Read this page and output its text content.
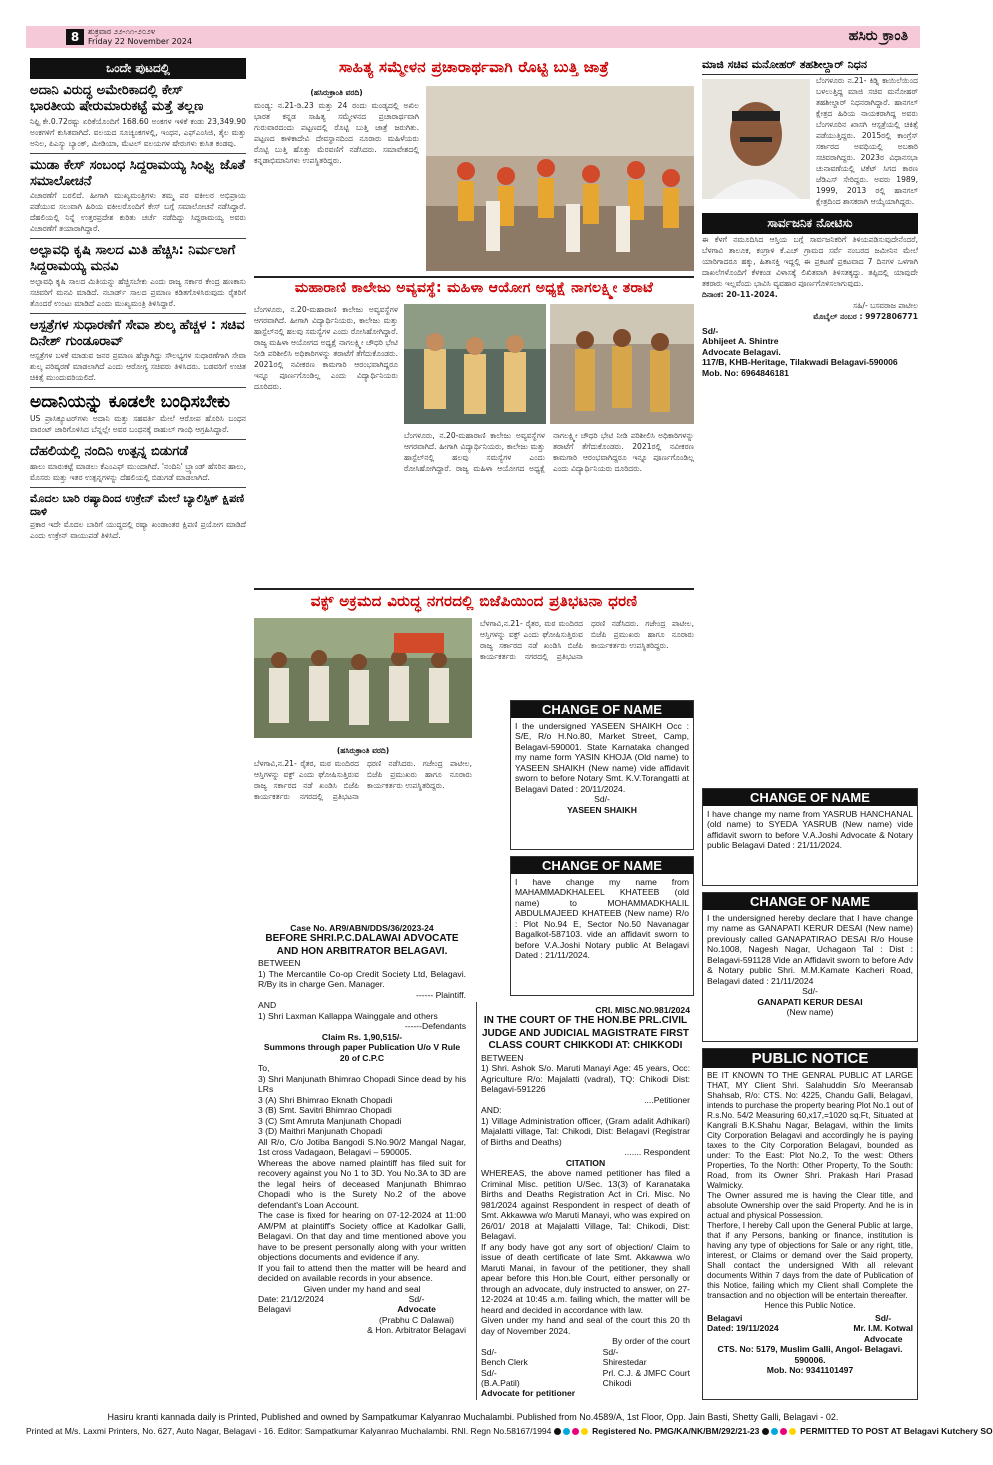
8	ಶುಕ್ರವಾರ ೨೨-೧೧-೨೦೨೪
Friday 22 November 2024	ಹಸಿರು ಕ್ರಾಂತಿ
ಒಂದೇ ಪುಟದಲ್ಲಿ
ಅದಾನಿ ವಿರುದ್ಧ ಅಮೇರಿಕಾದಲ್ಲಿ ಕೇಸ್
ಭಾರತೀಯ ಷೇರುಮಾರುಕಟ್ಟೆ ಮತ್ತೆ ತಲ್ಲಣ
ನಿಫ್ಟಿ ಕೇ.0.72ರಷ್ಟು ಏರಿಕೆಯೊಂದಿಗೆ 168.60 ಅಂಕಗಳ ಇಳಿಕೆ ಕಂಡು 23,349.90 ಅಂಕಗಳಿಗೆ ಕುಸಿತವಾಗಿದೆ. ವಲಯದ ಸೂಚ್ಯಂಕಗಳಲ್ಲಿ, ಇಂಧನ, ಎಫ್‌ಎಂಸಿಜಿ, ತೈಲ ಮತ್ತು ಅನಿಲ, ಪಿಎಸ್ಯು ಬ್ಯಾಂಕ್, ಮೀಡಿಯಾ, ಮೆಟಲ್ ವಲಯಗಳ ಷೇರುಗಳು ಕುಸಿತ ಕಂಡವು.
ಮುಡಾ ಕೇಸ್ ಸಂಬಂಧ ಸಿದ್ದರಾಮಯ್ಯ ಸಿಂಘ್ವಿ ಜೊತೆ ಸಮಾಲೋಚನೆ
ವಿಚಾರಣೆಗೆ ಬರಲಿದೆ. ಹೀಗಾಗಿ ಮುಖ್ಯಮಂತ್ರಿಗಳು ತಮ್ಮ ಪರ ವಕೀಲರ ಅಭಿಪ್ರಾಯ ಪಡೆಯುವ ಸಲುವಾಗಿ ಹಿರಿಯ ವಕೀಲರೊಂದಿಗೆ ಕೇಸ್ ಬಗ್ಗೆ ಸಮಾಲೋಚನೆ ನಡೆಸಿದ್ದಾರೆ. ದೆಹಲಿಯಲ್ಲಿ ನಿನ್ನೆ ಉತ್ತರಪ್ರದೇಶ ಕುರಿತು ಚರ್ಚೆ ನಡೆದಿದ್ದು ಸಿದ್ದರಾಮಯ್ಯ ಅವರು ವಿಚಾರಣೆಗೆ ತಯಾರಾಗಿದ್ದಾರೆ.
ಅಲ್ಪಾವಧಿ ಕೃಷಿ ಸಾಲದ ಮಿತಿ ಹೆಚ್ಚಿಸಿ: ನಿರ್ಮಲಾಗೆ ಸಿದ್ದರಾಮಯ್ಯ ಮನವಿ
ಅಲ್ಪಾವಧಿ ಕೃಷಿ ಸಾಲದ ಮಿತಿಯನ್ನು ಹೆಚ್ಚಿಸಬೇಕು ಎಂದು ರಾಜ್ಯ ಸರ್ಕಾರ ಕೇಂದ್ರ ಹಣಕಾಸು ಸಚಿವರಿಗೆ ಮನವಿ ಮಾಡಿದೆ. ನಬಾರ್ಡ್ ಸಾಲದ ಪ್ರಮಾಣ ಕಡಿತಗೊಳಿಸಿರುವುದು ರೈತರಿಗೆ ತೊಂದರೆ ಉಂಟು ಮಾಡಿದೆ ಎಂದು ಮುಖ್ಯಮಂತ್ರಿ ತಿಳಿಸಿದ್ದಾರೆ.
ಆಸ್ಪತ್ರೆಗಳ ಸುಧಾರಣೆಗೆ ಸೇವಾ ಶುಲ್ಕ ಹೆಚ್ಚಳ : ಸಚಿವ ದಿನೇಶ್ ಗುಂಡೂರಾವ್
ಆಸ್ಪತ್ರೆಗಳ ಬಳಕೆ ಮಾಡುವ ಜನರ ಪ್ರಮಾಣ ಹೆಚ್ಚಾಗಿದ್ದು ಸೌಲಭ್ಯಗಳ ಸುಧಾರಣೆಗಾಗಿ ಸೇವಾ ಶುಲ್ಕ ಪರಿಷ್ಕರಣೆ ಮಾಡಲಾಗಿದೆ ಎಂದು ಆರೋಗ್ಯ ಸಚಿವರು ತಿಳಿಸಿದರು. ಬಡವರಿಗೆ ಉಚಿತ ಚಿಕಿತ್ಸೆ ಮುಂದುವರಿಯಲಿದೆ.
ಅದಾನಿಯನ್ನು ಕೂಡಲೇ ಬಂಧಿಸಬೇಕು
US ಪ್ರಾಸಿಕ್ಯೂಟರ್‌ಗಳು ಅದಾನಿ ಮತ್ತು ಸಹವರ್ತಿ ಮೇಲೆ ಆರೋಪ ಹೊರಿಸಿ ಬಂಧನ ವಾರಂಟ್ ಜಾರಿಗೊಳಿಸಿದ ಬೆನ್ನಲ್ಲೇ ಅವರ ಬಂಧನಕ್ಕೆ ರಾಹುಲ್ ಗಾಂಧಿ ಆಗ್ರಹಿಸಿದ್ದಾರೆ.
ದೆಹಲಿಯಲ್ಲಿ ನಂದಿನಿ ಉತ್ಪನ್ನ ಬಿಡುಗಡೆ
ಹಾಲು ಮಾರುಕಟ್ಟೆ ಮಾಡಲು ಕೆಎಂಎಫ್ ಮುಂದಾಗಿದೆ. 'ನಂದಿನಿ' ಬ್ರ್ಯಾಂಡ್ ಹೆಸರಿನ ಹಾಲು, ಮೊಸರು ಮತ್ತು ಇತರ ಉತ್ಪನ್ನಗಳನ್ನು ದೆಹಲಿಯಲ್ಲಿ ಬಿಡುಗಡೆ ಮಾಡಲಾಗಿದೆ.
ಮೊದಲ ಬಾರಿ ರಷ್ಯಾದಿಂದ ಉಕ್ರೇನ್ ಮೇಲೆ ಬ್ಯಾಲಿಸ್ಟಿಕ್ ಕ್ಷಿಪಣಿ ದಾಳಿ
ಪ್ರಕಾರ ಇದೇ ಮೊದಲ ಬಾರಿಗೆ ಯುದ್ಧದಲ್ಲಿ ರಷ್ಯಾ ಖಂಡಾಂತರ ಕ್ಷಿಪಣಿ ಪ್ರಯೋಗ ಮಾಡಿದೆ ಎಂದು ಉಕ್ರೇನ್ ವಾಯುಪಡೆ ತಿಳಿಸಿದೆ.
ಸಾಹಿತ್ಯ ಸಮ್ಮೇಳನ ಪ್ರಚಾರಾರ್ಥವಾಗಿ ರೊಟ್ಟಿ ಬುತ್ತಿ ಜಾತ್ರೆ
(ಹಸಿರುಕ್ರಾಂತಿ ವರದಿ)
ಮಂಡ್ಯ: ನ.21-ಡಿ.23 ಮತ್ತು 24 ರಂದು ಮಂಡ್ಯದಲ್ಲಿ ಅಖಿಲ ಭಾರತ ಕನ್ನಡ ಸಾಹಿತ್ಯ ಸಮ್ಮೇಳನದ ಪ್ರಚಾರಾರ್ಥವಾಗಿ ಗುರುವಾರದಂದು ಪಟ್ಟಣದಲ್ಲಿ ರೊಟ್ಟಿ ಬುತ್ತಿ ಜಾತ್ರೆ ಜರುಗಿತು. ಪಟ್ಟಣದ ಕಾಳಿಕಾದೇವಿ ದೇವಸ್ಥಾನದಿಂದ ನೂರಾರು ಮಹಿಳೆಯರು ರೊಟ್ಟಿ ಬುತ್ತಿ ಹೊತ್ತು ಮೆರವಣಿಗೆ ನಡೆಸಿದರು. ಸಮಾವೇಶದಲ್ಲಿ ಕನ್ನಡಾಭಿಮಾನಿಗಳು ಉಪಸ್ಥಿತರಿದ್ದರು.
ಮಹಾರಾಣಿ ಕಾಲೇಜು ಅವ್ಯವಸ್ಥೆ: ಮಹಿಳಾ ಆಯೋಗ ಅಧ್ಯಕ್ಷೆ ನಾಗಲಕ್ಷ್ಮೀ ತರಾಟೆ
ಬೆಂಗಳೂರು, ನ.20-ಮಹಾರಾಣಿ ಕಾಲೇಜು ಅವ್ಯವಸ್ಥೆಗಳ ಆಗರವಾಗಿದೆ. ಹೀಗಾಗಿ ವಿದ್ಯಾರ್ಥಿನಿಯರು, ಕಾಲೇಜು ಮತ್ತು ಹಾಸ್ಟೆಲ್‌ನಲ್ಲಿ ಹಲವು ಸಮಸ್ಯೆಗಳ ಎಂದು ರೋಸಿಹೋಗಿದ್ದಾರೆ. ರಾಜ್ಯ ಮಹಿಳಾ ಆಯೋಗದ ಅಧ್ಯಕ್ಷೆ ನಾಗಲಕ್ಷ್ಮೀ ಚೌಧರಿ ಭೇಟಿ ನೀಡಿ ಪರಿಶೀಲಿಸಿ ಅಧಿಕಾರಿಗಳನ್ನು ತರಾಟೆಗೆ ತೆಗೆದುಕೊಂಡರು. 2021ರಲ್ಲಿ ನವೀಕರಣ ಕಾಮಗಾರಿ ಆರಂಭವಾಗಿದ್ದರೂ ಇನ್ನೂ ಪೂರ್ಣಗೊಂಡಿಲ್ಲ ಎಂದು ವಿದ್ಯಾರ್ಥಿನಿಯರು ದೂರಿದರು.
ಬೆಂಗಳೂರು, ನ.20-ಮಹಾರಾಣಿ ಕಾಲೇಜು ಅವ್ಯವಸ್ಥೆಗಳ ಆಗರವಾಗಿದೆ. ಹೀಗಾಗಿ ವಿದ್ಯಾರ್ಥಿನಿಯರು, ಕಾಲೇಜು ಮತ್ತು ಹಾಸ್ಟೆಲ್‌ನಲ್ಲಿ ಹಲವು ಸಮಸ್ಯೆಗಳ ಎಂದು ರೋಸಿಹೋಗಿದ್ದಾರೆ. ರಾಜ್ಯ ಮಹಿಳಾ ಆಯೋಗದ ಅಧ್ಯಕ್ಷೆ ನಾಗಲಕ್ಷ್ಮೀ ಚೌಧರಿ ಭೇಟಿ ನೀಡಿ ಪರಿಶೀಲಿಸಿ ಅಧಿಕಾರಿಗಳನ್ನು ತರಾಟೆಗೆ ತೆಗೆದುಕೊಂಡರು. 2021ರಲ್ಲಿ ನವೀಕರಣ ಕಾಮಗಾರಿ ಆರಂಭವಾಗಿದ್ದರೂ ಇನ್ನೂ ಪೂರ್ಣಗೊಂಡಿಲ್ಲ ಎಂದು ವಿದ್ಯಾರ್ಥಿನಿಯರು ದೂರಿದರು.
ವಕ್ಫ್ ಅಕ್ರಮದ ವಿರುದ್ಧ ನಗರದಲ್ಲಿ ಬಿಜೆಪಿಯಿಂದ ಪ್ರತಿಭಟನಾ ಧರಣಿ
ಬೆಳಗಾವಿ,ನ.21- ರೈತರ, ಮಠ ಮಂದಿರದ ಆಸ್ತಿಗಳನ್ನು ವಕ್ಫ್ ಎಂದು ಘೋಷಿಸುತ್ತಿರುವ ರಾಜ್ಯ ಸರ್ಕಾರದ ನಡೆ ಖಂಡಿಸಿ ಬಿಜೆಪಿ ಕಾರ್ಯಕರ್ತರು ನಗರದಲ್ಲಿ ಪ್ರತಿಭಟನಾ ಧರಣಿ ನಡೆಸಿದರು. ಗಜೇಂದ್ರ ಪಾಟೀಲ, ಬಿಜೆಪಿ ಪ್ರಮುಖರು ಹಾಗೂ ನೂರಾರು ಕಾರ್ಯಕರ್ತರು ಉಪಸ್ಥಿತರಿದ್ದರು.
(ಹಸಿರುಕ್ರಾಂತಿ ವರದಿ)
ಬೆಳಗಾವಿ,ನ.21- ರೈತರ, ಮಠ ಮಂದಿರದ ಆಸ್ತಿಗಳನ್ನು ವಕ್ಫ್ ಎಂದು ಘೋಷಿಸುತ್ತಿರುವ ರಾಜ್ಯ ಸರ್ಕಾರದ ನಡೆ ಖಂಡಿಸಿ ಬಿಜೆಪಿ ಕಾರ್ಯಕರ್ತರು ನಗರದಲ್ಲಿ ಪ್ರತಿಭಟನಾ ಧರಣಿ ನಡೆಸಿದರು. ಗಜೇಂದ್ರ ಪಾಟೀಲ, ಬಿಜೆಪಿ ಪ್ರಮುಖರು ಹಾಗೂ ನೂರಾರು ಕಾರ್ಯಕರ್ತರು ಉಪಸ್ಥಿತರಿದ್ದರು.
CHANGE OF NAME
I the undersigned YASEEN SHAIKH Occ : S/E, R/o H.No.80, Market Street, Camp, Belagavi-590001. State Karnataka changed my name form YASIN KHOJA (Old name) to YASEEN SHAIKH (New name) vide affidavit sworn to before Notary Smt. K.V.Torangatti at Belagavi Dated : 20/11/2024.
Sd/-
YASEEN SHAIKH
CHANGE OF NAME
I have change my name from MAHAMMADKHALEEL KHATEEB (old name) to MOHAMMADKHALIL ABDULMAJEED KHATEEB (New name) R/o : Plot No.94 E, Sector No.50 Navanagar Bagalkot-587103. vide an affidavit sworn to before V.A.Joshi Notary public At Belagavi Dated : 21/11/2024.
Case No. AR9/ABN/DDS/36/2023-24
BEFORE SHRI.P.C.DALAWAI ADVOCATE AND HON ARBITRATOR BELAGAVI.
BETWEEN
1) The Mercantile Co-op Credit Society Ltd, Belagavi. R/By its in charge Gen. Manager.
------ Plaintiff.
AND
1) Shri Laxman Kallappa Wainggale and others
------Defendants
Claim Rs. 1,90,515/-
Summons through paper Publication U/o V Rule 20 of C.P.C
To,
3) Shri Manjunath Bhimrao Chopadi Since dead by his LRs
3 (A) Shri Bhimrao Eknath Chopadi
3 (B) Smt. Savitri Bhimrao Chopadi
3 (C) Smt Amruta Manjunath Chopadi
3 (D) Maithri Manjunath Chopadi
All R/o, C/o Jotiba Bangodi S.No.90/2 Mangal Nagar, 1st cross Vadagaon, Belagavi – 590005.
Whereas the above named plaintiff has filed suit for recovery against you No 1 to 3D. You No.3A to 3D are the legal heirs of deceased Manjunath Bhimrao Chopadi who is the Surety No.2 of the above defendant's Loan Account.
The case is fixed for hearing on 07-12-2024 at 11:00 AM/PM at plaintiff's Society office at Kadolkar Galli, Belagavi. On that day and time mentioned above you have to be present personally along with your written objections documents and evidence if any.
If you fail to attend then the matter will be heard and decided on available records in your absence.
Given under my hand and seal
Date: 21/12/2024
Belagavi
Sd/-
Advocate
(Prabhu C Dalawai)
& Hon. Arbitrator Belagavi
CRI. MISC.NO.981/2024
IN THE COURT OF THE HON.BE PRL.CIVIL JUDGE AND JUDICIAL MAGISTRATE FIRST CLASS COURT CHIKKODI AT: CHIKKODI
BETWEEN
1) Shri. Ashok S/o. Maruti Manayi Age: 45 years, Occ: Agriculture R/o: Majalatti (vadral), TQ: Chikodi Dist: Belagavi-591226
....Petitioner
AND:
1) Village Administration officer, (Gram adalit Adhikari) Majalatti village, Tal: Chikodi, Dist: Belagavi (Registrar of Births and Deaths)
....... Respondent
CITATION
WHEREAS, the above named petitioner has filed a Criminal Misc. petition U/Sec. 13(3) of Karanataka Births and Deaths Registration Act in Cri. Misc. No 981/2024 against Respondent in respect of death of Smt. Akkawwa w/o Maruti Manayi, who was expired on 26/01/ 2018 at Majalatti Village, Tal: Chikodi, Dist: Belagavi.
If any body have got any sort of objection/ Claim to issue of death certificate of late Smt. Akkawwa w/o Maruti Manai, in favour of the petitioner, they shall apear before this Hon.ble Court, either personally or through an advocate, duly instructed to answer, on 27-12-2024 at 10:45 a.m. failing which, the matter will be heard and decided in accordance with law.
Given under my hand and seal of the court this 20 th day of November 2024.
By order of the court
Sd/-
Bench Clerk
Sd/-
(B.A.Patil)
Advocate for petitioner
Sd/-
Shirestedar
Prl. C.J. & JMFC Court
Chikodi
ಮಾಜಿ ಸಚಿವ ಮನೋಹರ್ ತಹಶೀಲ್ದಾರ್ ನಿಧನ
ಬೆಂಗಳೂರು ನ.21- ಕಿಡ್ನಿ ಕಾಯಿಲೆಯಿಂದ ಬಳಲುತ್ತಿದ್ದ ಮಾಜಿ ಸಚಿವ ಮನೋಹರ್ ತಹಶೀಲ್ದಾರ್ ನಿಧನರಾಗಿದ್ದಾರೆ. ಹಾನಗಲ್ ಕ್ಷೇತ್ರದ ಹಿರಿಯ ನಾಯಕರಾಗಿದ್ದ ಅವರು ಬೆಂಗಳೂರಿನ ಖಾಸಗಿ ಆಸ್ಪತ್ರೆಯಲ್ಲಿ ಚಿಕಿತ್ಸೆ ಪಡೆಯುತ್ತಿದ್ದರು. 2015ರಲ್ಲಿ ಕಾಂಗ್ರೆಸ್ ಸರ್ಕಾರದ ಅವಧಿಯಲ್ಲಿ ಅಬಕಾರಿ ಸಚಿವರಾಗಿದ್ದರು. 2023ರ ವಿಧಾನಸಭಾ ಚುನಾವಣೆಯಲ್ಲಿ ಟಿಕೆಟ್ ಸಿಗದ ಕಾರಣ ಜೆಡಿಎಸ್ ಸೇರಿದ್ದರು. ಅವರು 1989, 1999, 2013 ರಲ್ಲಿ ಹಾನಗಲ್ ಕ್ಷೇತ್ರದಿಂದ ಶಾಸಕರಾಗಿ ಆಯ್ಕೆಯಾಗಿದ್ದರು.
ಸಾರ್ವಜನಿಕ ನೋಟಿಸು
ಈ ಕೆಳಗೆ ನಮೂದಿಸಿದ ಆಸ್ತಿಯ ಬಗ್ಗೆ ಸಾರ್ವಜನಿಕರಿಗೆ ತಿಳಿಯಪಡಿಸುವುದೇನೆಂದರೆ, ಬೆಳಗಾವಿ ತಾಲೂಕ, ಕಂಗ್ರಾಳಿ ಕೆ.ಎಚ್ ಗ್ರಾಮದ ಸರ್ವೆ ನಂಬರದ ಜಮೀನಿನ ಮೇಲೆ ಯಾರಿಗಾದರೂ ಹಕ್ಕು, ಹಿತಾಸಕ್ತಿ ಇದ್ದಲ್ಲಿ ಈ ಪ್ರಕಟಣೆ ಪ್ರಕಟವಾದ 7 ದಿನಗಳ ಒಳಗಾಗಿ ದಾಖಲೆಗಳೊಂದಿಗೆ ಕೆಳಕಂಡ ವಿಳಾಸಕ್ಕೆ ಲಿಖಿತವಾಗಿ ತಿಳಿಸತಕ್ಕದ್ದು. ತಪ್ಪಿದಲ್ಲಿ ಯಾವುದೇ ತಕರಾರು ಇಲ್ಲವೆಂದು ಭಾವಿಸಿ ವ್ಯವಹಾರ ಪೂರ್ಣಗೊಳಿಸಲಾಗುವುದು.
ದಿನಾಂಕ: 20-11-2024.
ಸಹಿ/- ಬಸವರಾಜ ಪಾಟೀಲ
ಮೊಬೈಲ್ ನಂಬರ : 9972806771
Sd/-
Abhijeet A. Shintre
Advocate Belagavi.
117/B, KHB-Heritage, Tilakwadi Belagavi-590006
Mob. No: 6964846181
CHANGE OF NAME
I have change my name from YASRUB HANCHANAL (old name) to SYEDA YASRUB (New name) vide affidavit sworn to before V.A.Joshi Advocate & Notary public Belagavi Dated : 21/11/2024.
CHANGE OF NAME
I the undersigned hereby declare that I have change my name as GANAPATI KERUR DESAI (New name) previously called GANAPATIRAO DESAI R/o House No.1008, Nagesh Nagar, Uchagaon Tal : Dist : Belagavi-591128 Vide an Affidavit sworn to before Adv & Notary public Shri. M.M.Kamate Kacheri Road, Belagavi dated : 21/11/2024
Sd/-
GANAPATI KERUR DESAI
(New name)
PUBLIC NOTICE
BE IT KNOWN TO THE GENRAL PUBLIC AT LARGE THAT, MY Client Shri. Salahuddin S/o Meeransab Shahsab, R/o: CTS. No: 4225, Chandu Galli, Belagavi, intends to purchase the property bearing Plot No.1 out of R.s.No. 54/2 Measuring 60,x17,=1020 sq.Ft, Situated at Kangrali B.K.Shahu Nagar, Belagavi, within the limits City Corporation Belagavi and accordingly he is paying taxes to the City Corporation Belagavi, bounded as under: To the East: Plot No.2, To the west: Others Properties, To the North: Other Property, To the South: Road, from its Owner Shri. Prakash Hari Prasad Walmicky.
The Owner assured me is having the Clear title, and absolute Ownership over the said Property. And he is in actual and physical Possession.
Therfore, I hereby Call upon the General Public at large, that if any Persons, banking or finance, institution is having any type of objections for Sale or any right, title, interest, or Claims or demand over the Said property, Shall contact the undersigned With all relevant documents Within 7 days from the date of Publication of this Notice, failing which my Client shall Complete the transaction and no objection will be entertain thereafter.
Hence this Public Notice.
Belagavi
Dated: 19/11/2024
Sd/-
Mr. I.M. Kotwal
Advocate
CTS. No: 5179, Muslim Galli, Angol- Belagavi. 590006.
Mob. No: 9341101497
Hasiru kranti kannada daily is Printed, Published and owned by Sampatkumar Kalyanrao Muchalambi. Published from No.4589/A, 1st Floor, Opp. Jain Basti, Shetty Galli, Belagavi - 02.
Printed at M/s. Laxmi Printers, No. 627, Auto Nagar, Belagavi - 16. Editor: Sampatkumar Kalyanrao Muchalambi. RNI. Regn No.58167/1994	Registered No. PMG/KA/NK/BM/292/21-23	PERMITTED TO POST AT Belagavi Kutchery SO
